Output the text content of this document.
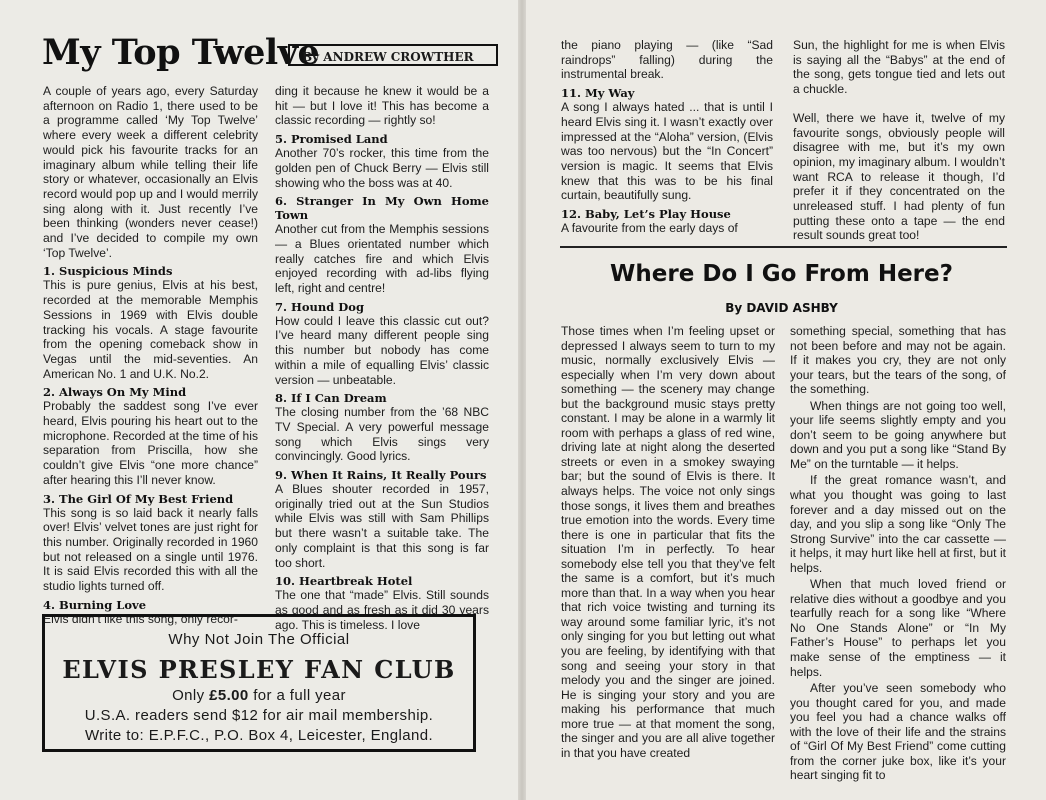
My Top Twelve
By ANDREW CROWTHER

A couple of years ago, every Saturday afternoon on Radio 1, there used to be a programme called ‘My Top Twelve’ where every week a different celebrity would pick his favourite tracks for an imaginary album while telling their life story or whatever, occasionally an Elvis record would pop up and I would merrily sing along with it. Just recently I’ve been thinking (wonders never cease!) and I’ve decided to compile my own ‘Top Twelve’.

1. Suspicious Minds

This is pure genius, Elvis at his best, recorded at the memorable Memphis Sessions in 1969 with Elvis double tracking his vocals. A stage favourite from the opening comeback show in Vegas until the mid-seventies. An American No. 1 and U.K. No.2.

2. Always On My Mind

Probably the saddest song I’ve ever heard, Elvis pouring his heart out to the microphone. Recorded at the time of his separation from Priscilla, how she couldn’t give Elvis “one more chance” after hearing this I’ll never know.

3. The Girl Of My Best Friend

This song is so laid back it nearly falls over! Elvis’ velvet tones are just right for this number. Originally recorded in 1960 but not released on a single until 1976. It is said Elvis recorded this with all the studio lights turned off.

4. Burning Love

Elvis didn’t like this song, only recor-

ding it because he knew it would be a hit — but I love it! This has become a classic recording — rightly so!

5. Promised Land

Another 70’s rocker, this time from the golden pen of Chuck Berry — Elvis still showing who the boss was at 40.

6. Stranger In My Own Home Town

Another cut from the Memphis sessions — a Blues orientated number which really catches fire and which Elvis enjoyed recording with ad-libs flying left, right and centre!

7. Hound Dog

How could I leave this classic cut out? I’ve heard many different people sing this number but nobody has come within a mile of equalling Elvis’ classic version — unbeatable.

8. If I Can Dream

The closing number from the ’68 NBC TV Special. A very powerful message song which Elvis sings very convincingly. Good lyrics.

9. When It Rains, It Really Pours

A Blues shouter recorded in 1957, originally tried out at the Sun Studios while Elvis was still with Sam Phillips but there wasn’t a suitable take. The only complaint is that this song is far too short.

10. Heartbreak Hotel

The one that “made” Elvis. Still sounds as good and as fresh as it did 30 years ago. This is timeless. I love

Why Not Join The Official
ELVIS PRESLEY FAN CLUB
Only £5.00 for a full year
U.S.A. readers send $12 for air mail membership.
Write to: E.P.F.C., P.O. Box 4, Leicester, England.

the piano playing — (like “Sad raindrops” falling) during the instrumental break.

11. My Way

A song I always hated ... that is until I heard Elvis sing it. I wasn’t exactly over impressed at the “Aloha” version, (Elvis was too nervous) but the “In Concert” version is magic. It seems that Elvis knew that this was to be his final curtain, beautifully sung.

12. Baby, Let’s Play House

A favourite from the early days of

Sun, the highlight for me is when Elvis is saying all the “Babys” at the end of the song, gets tongue tied and lets out a chuckle.

Well, there we have it, twelve of my favourite songs, obviously people will disagree with me, but it’s my own opinion, my imaginary album. I wouldn’t want RCA to release it though, I’d prefer it if they concentrated on the unreleased stuff. I had plenty of fun putting these onto a tape — the end result sounds great too!

Where Do I Go From Here?
By DAVID ASHBY

Those times when I’m feeling upset or depressed I always seem to turn to my music, normally exclusively Elvis — especially when I’m very down about something — the scenery may change but the background music stays pretty constant. I may be alone in a warmly lit room with perhaps a glass of red wine, driving late at night along the deserted streets or even in a smokey swaying bar; but the sound of Elvis is there. It always helps. The voice not only sings those songs, it lives them and breathes true emotion into the words. Every time there is one in particular that fits the situation I’m in perfectly. To hear somebody else tell you that they’ve felt the same is a comfort, but it’s much more than that. In a way when you hear that rich voice twisting and turning its way around some familiar lyric, it’s not only singing for you but letting out what you are feeling, by identifying with that song and seeing your story in that melody you and the singer are joined. He is singing your story and you are making his performance that much more true — at that moment the song, the singer and you are all alive together in that you have created

something special, something that has not been before and may not be again. If it makes you cry, they are not only your tears, but the tears of the song, of the something.

When things are not going too well, your life seems slightly empty and you don’t seem to be going anywhere but down and you put a song like “Stand By Me” on the turntable — it helps.

If the great romance wasn’t, and what you thought was going to last forever and a day missed out on the day, and you slip a song like “Only The Strong Survive” into the car cassette — it helps, it may hurt like hell at first, but it helps.

When that much loved friend or relative dies without a goodbye and you tearfully reach for a song like “Where No One Stands Alone” or “In My Father’s House” to perhaps let you make sense of the emptiness — it helps.

After you’ve seen somebody who you thought cared for you, and made you feel you had a chance walks off with the love of their life and the strains of “Girl Of My Best Friend” come cutting from the corner juke box, like it’s your heart singing fit to
